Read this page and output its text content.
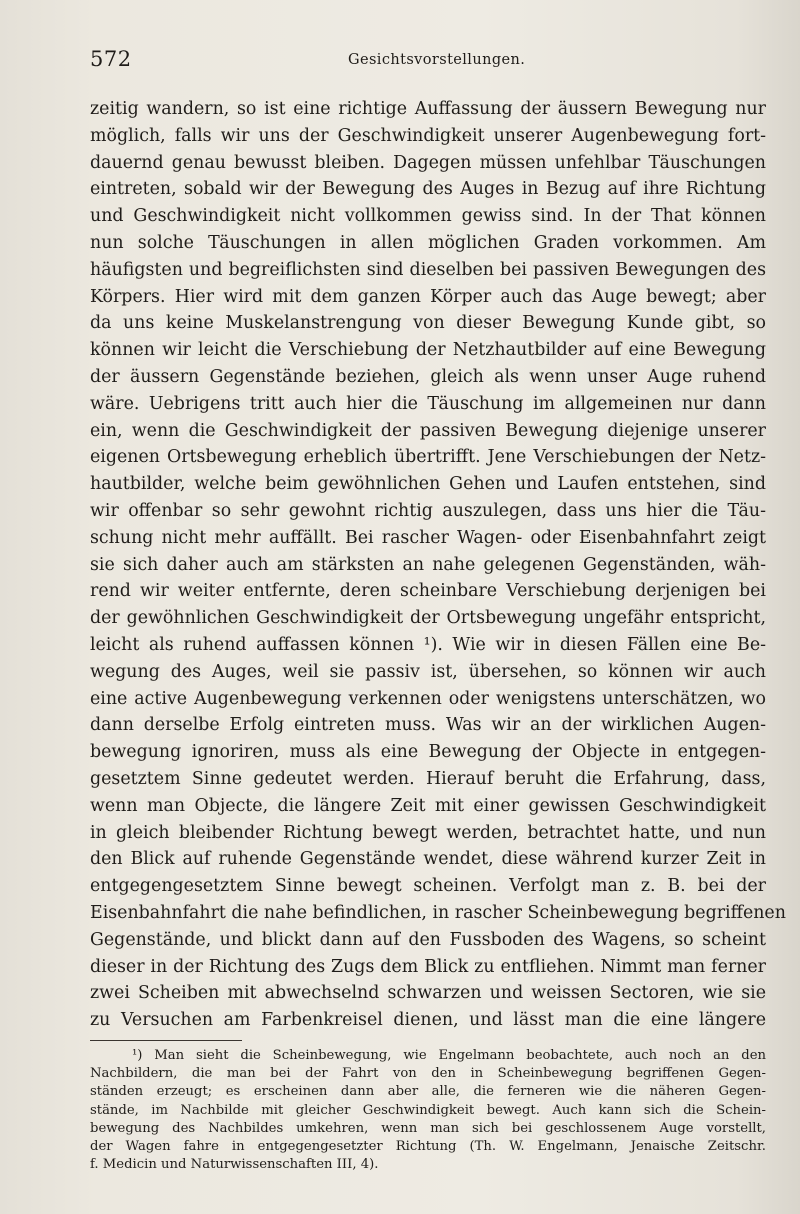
572	Gesichtsvorstellungen.
zeitig wandern, so ist eine richtige Auffassung der äussern Bewegung nur
möglich, falls wir uns der Geschwindigkeit unserer Augenbewegung fort-
dauernd genau bewusst bleiben. Dagegen müssen unfehlbar Täuschungen
eintreten, sobald wir der Bewegung des Auges in Bezug auf ihre Richtung
und Geschwindigkeit nicht vollkommen gewiss sind. In der That können
nun solche Täuschungen in allen möglichen Graden vorkommen. Am
häufigsten und begreiflichsten sind dieselben bei passiven Bewegungen des
Körpers. Hier wird mit dem ganzen Körper auch das Auge bewegt; aber
da uns keine Muskelanstrengung von dieser Bewegung Kunde gibt, so
können wir leicht die Verschiebung der Netzhautbilder auf eine Bewegung
der äussern Gegenstände beziehen, gleich als wenn unser Auge ruhend
wäre. Uebrigens tritt auch hier die Täuschung im allgemeinen nur dann
ein, wenn die Geschwindigkeit der passiven Bewegung diejenige unserer
eigenen Ortsbewegung erheblich übertrifft. Jene Verschiebungen der Netz-
hautbilder, welche beim gewöhnlichen Gehen und Laufen entstehen, sind
wir offenbar so sehr gewohnt richtig auszulegen, dass uns hier die Täu-
schung nicht mehr auffällt. Bei rascher Wagen- oder Eisenbahnfahrt zeigt
sie sich daher auch am stärksten an nahe gelegenen Gegenständen, wäh-
rend wir weiter entfernte, deren scheinbare Verschiebung derjenigen bei
der gewöhnlichen Geschwindigkeit der Ortsbewegung ungefähr entspricht,
leicht als ruhend auffassen können ¹). Wie wir in diesen Fällen eine Be-
wegung des Auges, weil sie passiv ist, übersehen, so können wir auch
eine active Augenbewegung verkennen oder wenigstens unterschätzen, wo
dann derselbe Erfolg eintreten muss. Was wir an der wirklichen Augen-
bewegung ignoriren, muss als eine Bewegung der Objecte in entgegen-
gesetztem Sinne gedeutet werden. Hierauf beruht die Erfahrung, dass,
wenn man Objecte, die längere Zeit mit einer gewissen Geschwindigkeit
in gleich bleibender Richtung bewegt werden, betrachtet hatte, und nun
den Blick auf ruhende Gegenstände wendet, diese während kurzer Zeit in
entgegengesetztem Sinne bewegt scheinen. Verfolgt man z. B. bei der
Eisenbahnfahrt die nahe befindlichen, in rascher Scheinbewegung begriffenen
Gegenstände, und blickt dann auf den Fussboden des Wagens, so scheint
dieser in der Richtung des Zugs dem Blick zu entfliehen. Nimmt man ferner
zwei Scheiben mit abwechselnd schwarzen und weissen Sectoren, wie sie
zu Versuchen am Farbenkreisel dienen, und lässt man die eine längere
¹) Man sieht die Scheinbewegung, wie Engelmann beobachtete, auch noch an den
Nachbildern, die man bei der Fahrt von den in Scheinbewegung begriffenen Gegen-
ständen erzeugt; es erscheinen dann aber alle, die ferneren wie die näheren Gegen-
stände, im Nachbilde mit gleicher Geschwindigkeit bewegt. Auch kann sich die Schein-
bewegung des Nachbildes umkehren, wenn man sich bei geschlossenem Auge vorstellt,
der Wagen fahre in entgegengesetzter Richtung (Th. W. Engelmann, Jenaische Zeitschr.
f. Medicin und Naturwissenschaften III, 4).
